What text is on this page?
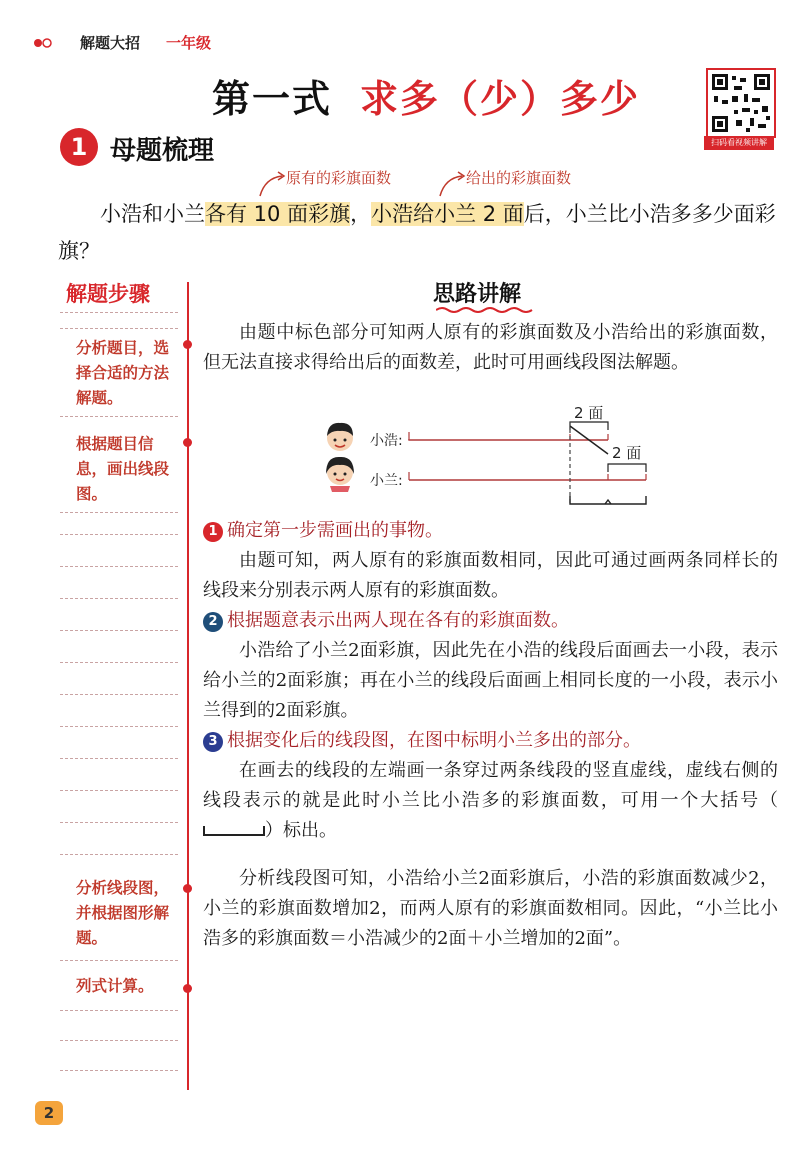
解题大招 一年级
第一式 求多（少）多少
扫码看视频讲解
1 母题梳理
原有的彩旗面数	给出的彩旗面数
小浩和小兰各有 10 面彩旗，小浩给小兰 2 面后，小兰比小浩多多少面彩旗？
解题步骤
分析题目，选择合适的方法解题。
根据题目信息，画出线段图。
分析线段图，并根据图形解题。
列式计算。
思路讲解
由题中标色部分可知两人原有的彩旗面数及小浩给出的彩旗面数，但无法直接求得给出后的面数差，此时可用画线段图法解题。
小浩:
小兰:
2 面
2 面
1 确定第一步需画出的事物。
由题可知，两人原有的彩旗面数相同，因此可通过画两条同样长的线段来分别表示两人原有的彩旗面数。
2 根据题意表示出两人现在各有的彩旗面数。
小浩给了小兰2面彩旗，因此先在小浩的线段后面画去一小段，表示给小兰的2面彩旗；再在小兰的线段后面画上相同长度的一小段，表示小兰得到的2面彩旗。
3 根据变化后的线段图，在图中标明小兰多出的部分。
在画去的线段的左端画一条穿过两条线段的竖直虚线，虚线右侧的线段表示的就是此时小兰比小浩多的彩旗面数，可用一个大括号（）标出。
分析线段图可知，小浩给小兰2面彩旗后，小浩的彩旗面数减少2，小兰的彩旗面数增加2，而两人原有的彩旗面数相同。因此，“小兰比小浩多的彩旗面数＝小浩减少的2面＋小兰增加的2面”。
2
